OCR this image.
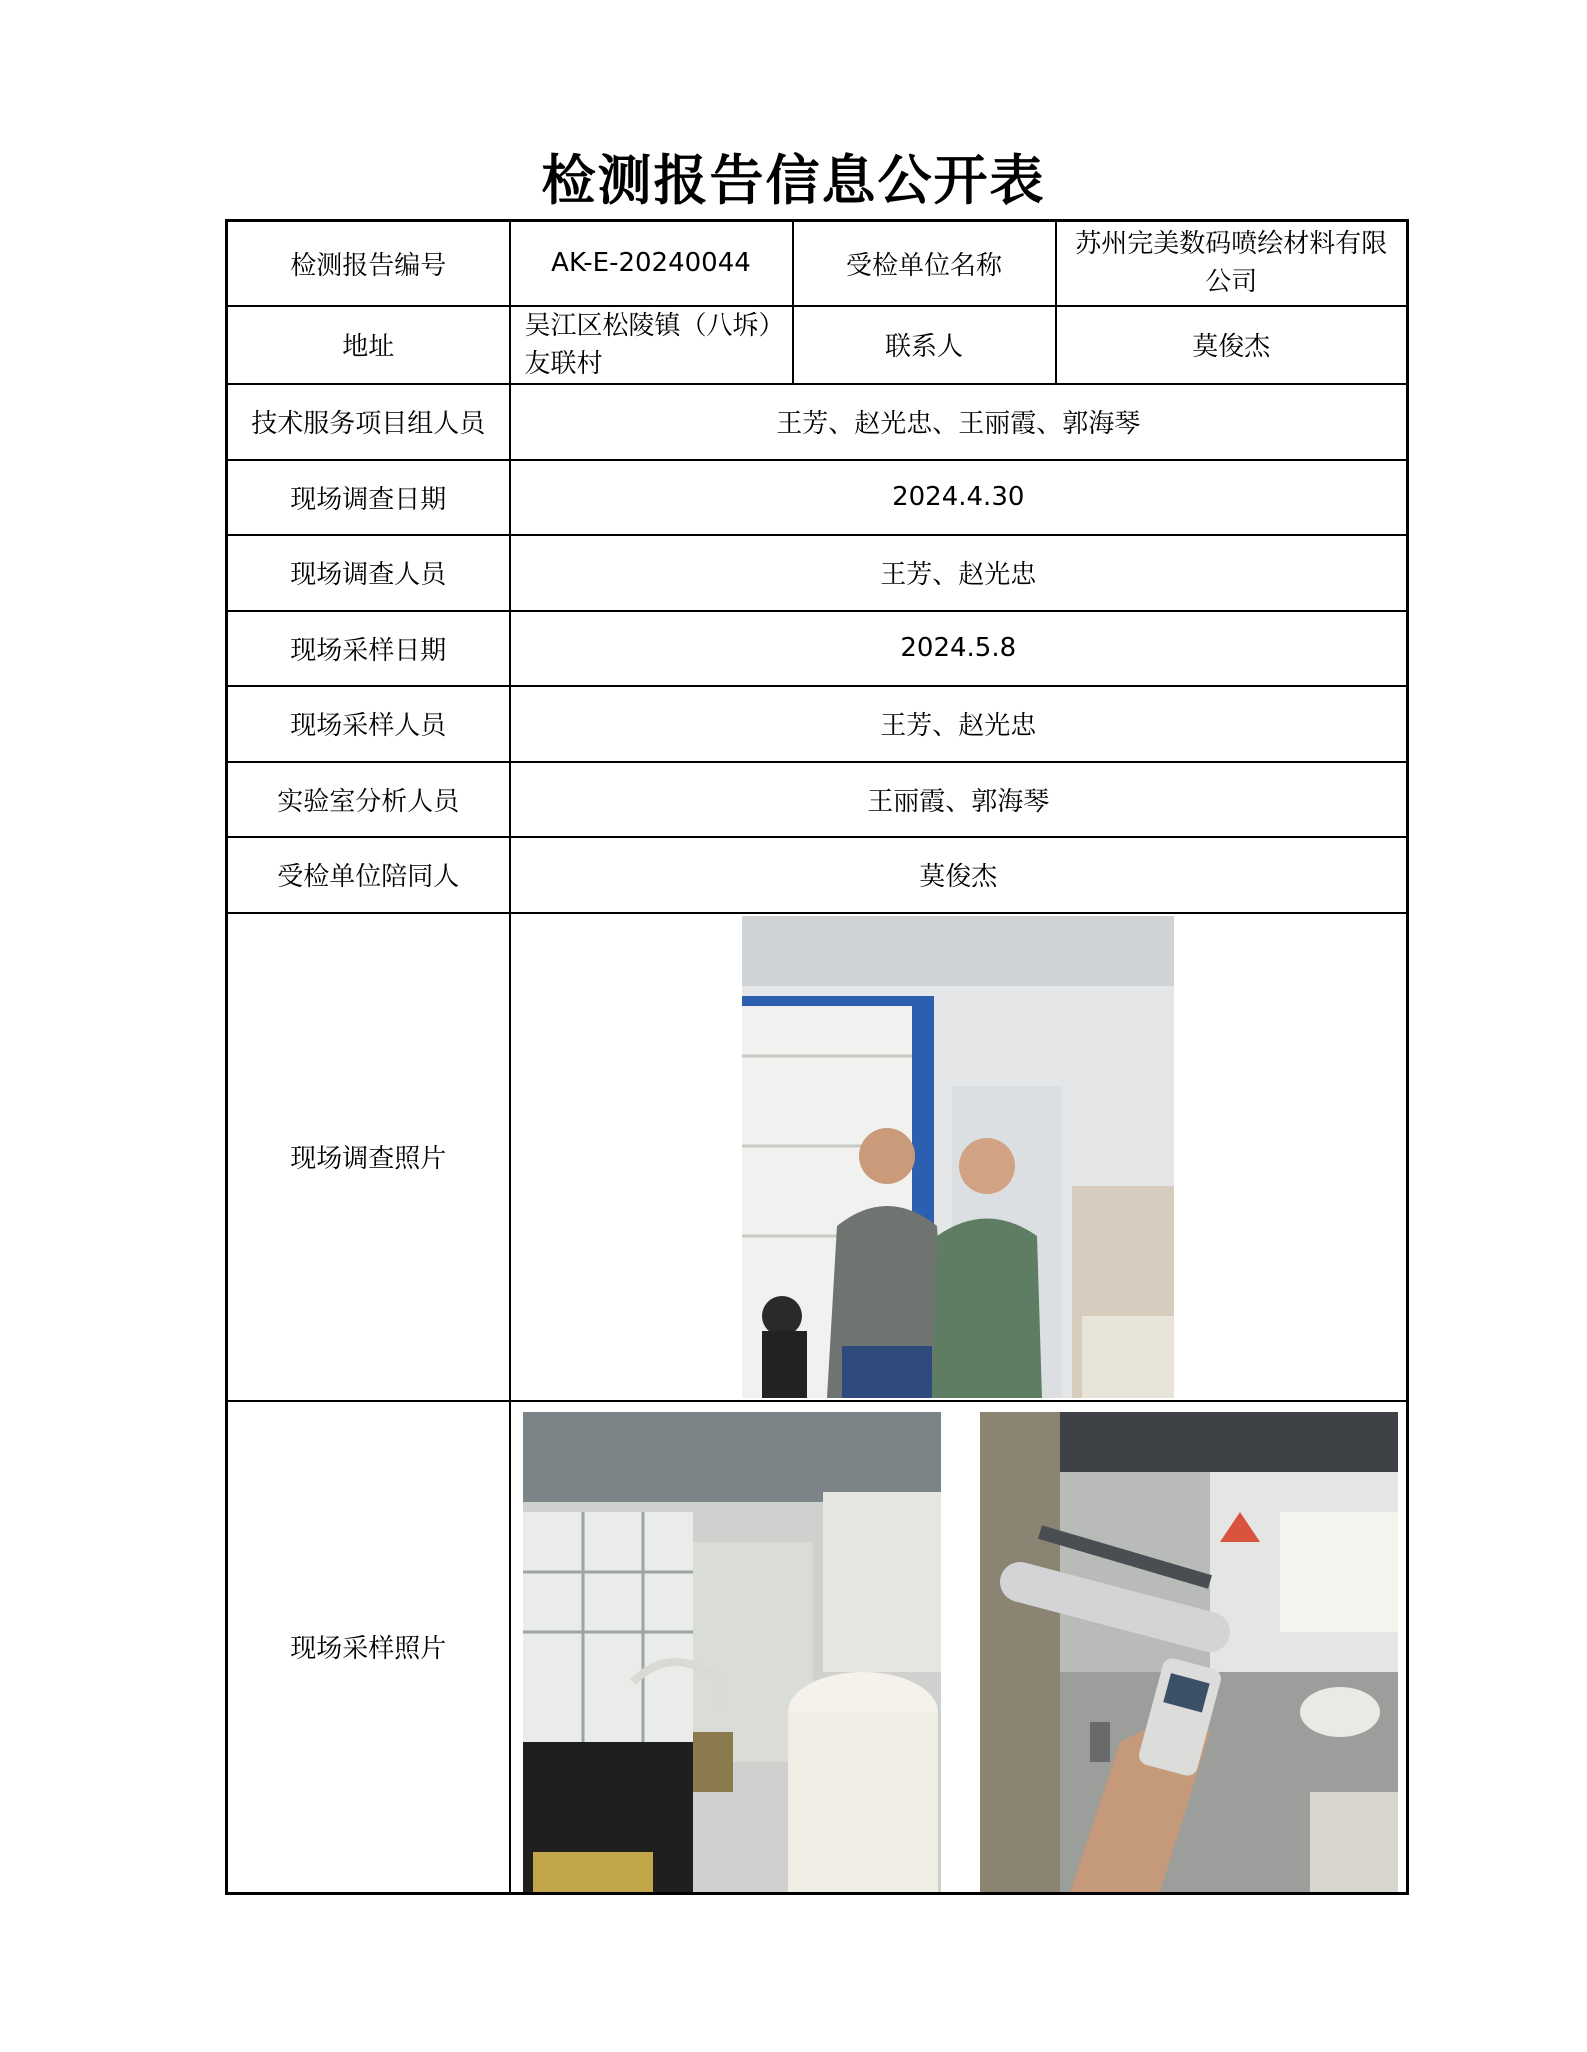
检测报告信息公开表
检测报告编号	AK-E-20240044	受检单位名称	苏州完美数码喷绘材料有限公司
地址	吴江区松陵镇（八坼）友联村	联系人	莫俊杰
技术服务项目组人员	王芳、赵光忠、王丽霞、郭海琴		
现场调查日期	2024.4.30		
现场调查人员	王芳、赵光忠		
现场采样日期	2024.5.8		
现场采样人员	王芳、赵光忠		
实验室分析人员	王丽霞、郭海琴		
受检单位陪同人	莫俊杰		
现场调查照片	

现场采样照片	
